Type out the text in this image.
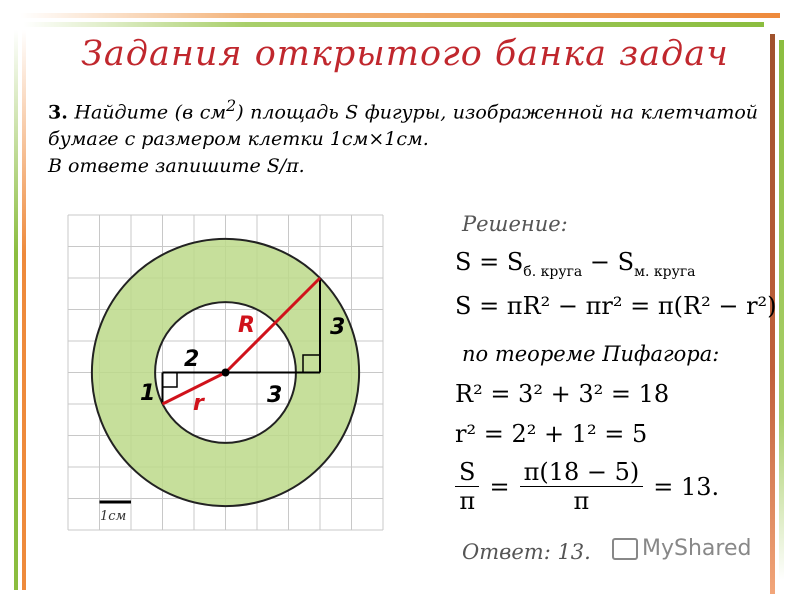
Задания открытого банка задач
3. Найдите (в $см^2$) площадь S фигуры, изображенной на клетчатой бумаге с размером клетки 1см×1см.
В ответе запишите S/π.
R
r
2
1	3
3
1см
Решение:
$S = S_{б. круга} - S_{м. круга}$
S = πR² − πr² = π(R² − r²)
по теореме Пифагора:
R² = 3² + 3² = 18
r² = 2² + 1² = 5
$\frac{S}{\pi} = \frac{\pi(18 - 5)}{\pi} = 13$.
Ответ: 13.	MyShared
